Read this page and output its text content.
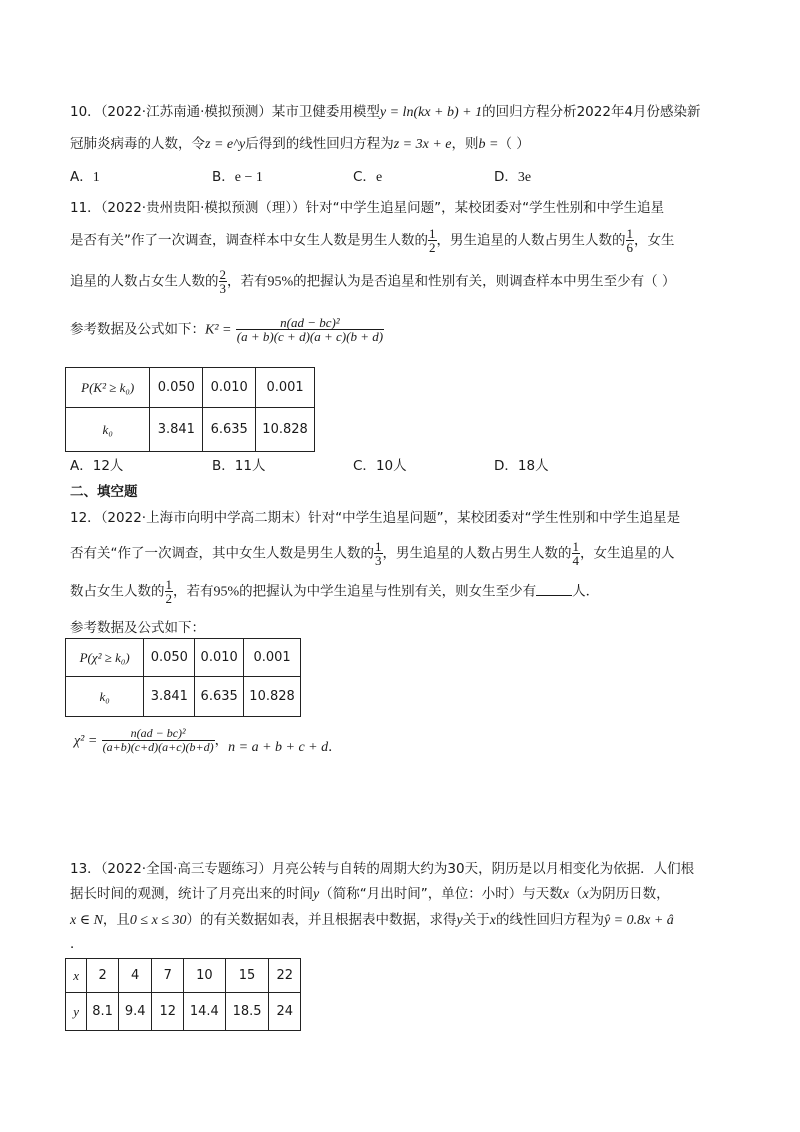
10．（2022·江苏南通·模拟预测）某市卫健委用模型y = ln(kx + b) + 1的回归方程分析2022年4月份感染新
冠肺炎病毒的人数，令z = e^y后得到的线性回归方程为z = 3x + e，则b =（ ）
A．1	B．e − 1	C．e	D．3e
11．（2022·贵州贵阳·模拟预测（理））针对“中学生追星问题”，某校团委对“学生性别和中学生追星
是否有关”作了一次调查，调查样本中女生人数是男生人数的 $\frac{1}{2}$ ，男生追星的人数占男生人数的 $\frac{1}{6}$ ，女生
追星的人数占女生人数的 $\frac{2}{3}$ ，若有95%的把握认为是否追星和性别有关，则调查样本中男生至少有（ ）
参考数据及公式如下：$K^2 = \frac{\text{n(ad − bc)²}}{(a + b)(c + d)(a + c)(b + d)}$
P(K² ≥ k₀)	0.050	0.010	0.001
k₀	3.841	6.635	10.828
A．12人	B．11人	C．10人	D．18人
二、填空题
12．（2022·上海市向明中学高二期末）针对“中学生追星问题”，某校团委对“学生性别和中学生追星是
否有关“作了一次调查，其中女生人数是男生人数的 $\frac{1}{3}$ ，男生追星的人数占男生人数的 $\frac{1}{4}$ ，女生追星的人
数占女生人数的 $\frac{1}{2}$ ，若有95%的把握认为中学生追星与性别有关，则女生至少有	人．
参考数据及公式如下：
P(χ² ≥ k₀)	0.050	0.010	0.001
k₀	3.841	6.635	10.828
$\chi^2 = \frac{\text{n(ad − bc)²}}{(a+b)(c+d)(a+c)(b+d)}$ ，n = a + b + c + d．
13．（2022·全国·高三专题练习）月亮公转与自转的周期大约为30天，阴历是以月相变化为依据．人们根
据长时间的观测，统计了月亮出来的时间y（简称“月出时间”，单位：小时）与天数x（x为阴历日数，
x ∈ N，且0 ≤ x ≤ 30）的有关数据如表，并且根据表中数据，求得y关于x的线性回归方程为ŷ = 0.8x + â
．
x	2	4	7	10	15	22
y	8.1	9.4	12	14.4	18.5	24
